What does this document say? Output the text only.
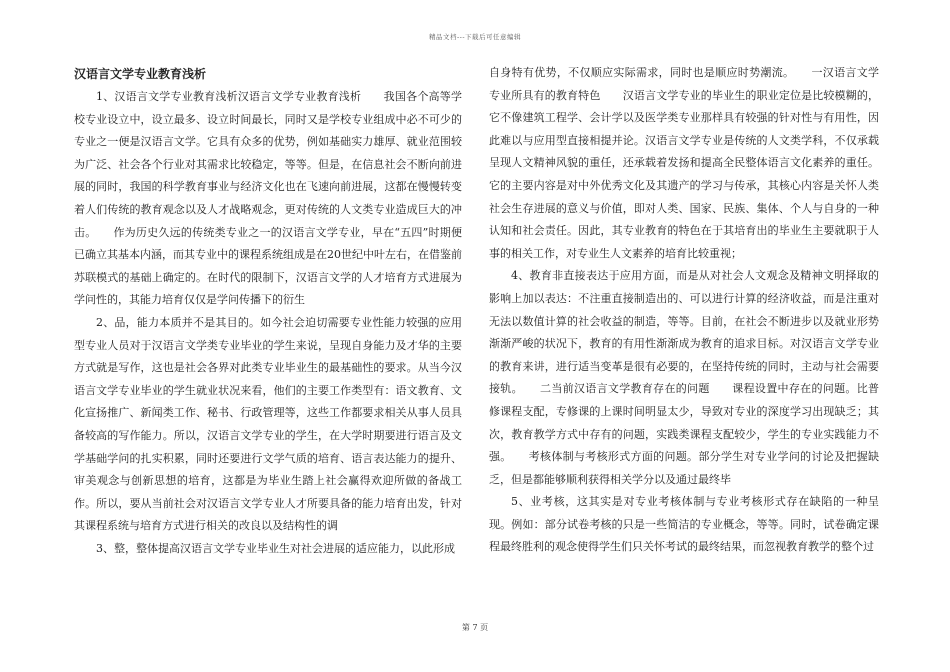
精品文档---下载后可任意编辑
汉语言文学专业教育浅析

1、汉语言文学专业教育浅析汉语言文学专业教育浅析　　我国各个高等学校专业设立中，设立最多、设立时间最长，同时又是学校专业组成中必不可少的专业之一便是汉语言文学。它具有众多的优势，例如基础实力雄厚、就业范围较为广泛、社会各个行业对其需求比较稳定，等等。但是，在信息社会不断向前进展的同时，我国的科学教育事业与经济文化也在飞速向前进展，这都在慢慢转变着人们传统的教育观念以及人才战略观念，更对传统的人文类专业造成巨大的冲击。　　作为历史久远的传统类专业之一的汉语言文学专业，早在“五四”时期便已确立其基本内涵，而其专业中的课程系统组成是在20世纪中叶左右，在借鉴前苏联模式的基础上确定的。在时代的限制下，汉语言文学的人才培育方式进展为学问性的，其能力培育仅仅是学问传播下的衍生

2、品，能力本质并不是其目的。如今社会迫切需要专业性能力较强的应用型专业人员对于汉语言文学类专业毕业的学生来说，呈现自身能力及才华的主要方式就是写作，这也是社会各界对此类专业毕业生的最基础性的要求。从当今汉语言文学专业毕业的学生就业状况来看，他们的主要工作类型有：语文教育、文化宣扬推广、新闻类工作、秘书、行政管理等，这些工作都要求相关从事人员具备较高的写作能力。所以，汉语言文学专业的学生，在大学时期要进行语言及文学基础学问的扎实积累，同时还要进行文学气质的培育、语言表达能力的提升、审美观念与创新思想的培育，这都是为毕业生踏上社会赢得欢迎所做的备战工作。所以，要从当前社会对汉语言文学专业人才所要具备的能力培育出发，针对其课程系统与培育方式进行相关的改良以及结构性的调

3、整，整体提高汉语言文学专业毕业生对社会进展的适应能力，以此形成

自身特有优势，不仅顺应实际需求，同时也是顺应时势潮流。　　一汉语言文学专业所具有的教育特色　　汉语言文学专业的毕业生的职业定位是比较模糊的，它不像建筑工程学、会计学以及医学类专业那样具有较强的针对性与有用性，因此难以与应用型直接相提并论。汉语言文学专业是传统的人文类学科，不仅承载呈现人文精神风貌的重任，还承载着发扬和提高全民整体语言文化素养的重任。它的主要内容是对中外优秀文化及其遗产的学习与传承，其核心内容是关怀人类社会生存进展的意义与价值，即对人类、国家、民族、集体、个人与自身的一种认知和社会责任。因此，其专业教育的特色在于其培育出的毕业生主要就职于人事的相关工作，对专业生人文素养的培育比较重视；

4、教育非直接表达于应用方面，而是从对社会人文观念及精神文明择取的影响上加以表达：不注重直接制造出的、可以进行计算的经济收益，而是注重对无法以数值计算的社会收益的制造，等等。目前，在社会不断进步以及就业形势渐渐严峻的状况下，教育的有用性渐渐成为教育的追求目标。对汉语言文学专业的教育来讲，进行适当变革是很有必要的，在坚持传统的同时，主动与社会需要接轨。　　二当前汉语言文学教育存在的问题　　课程设置中存在的问题。比普修课程支配，专修课的上课时间明显太少，导致对专业的深度学习出现缺乏；其次，教育教学方式中存有的问题，实践类课程支配较少，学生的专业实践能力不强。　　考核体制与考核形式方面的问题。部分学生对专业学问的讨论及把握缺乏，但是都能够顺利获得相关学分以及通过最终毕

5、业考核，这其实是对专业考核体制与专业考核形式存在缺陷的一种呈现。例如：部分试卷考核的只是一些简洁的专业概念，等等。同时，试卷确定课程最终胜利的观念使得学生们只关怀考试的最终结果，而忽视教育教学的整个过

第 7 页
